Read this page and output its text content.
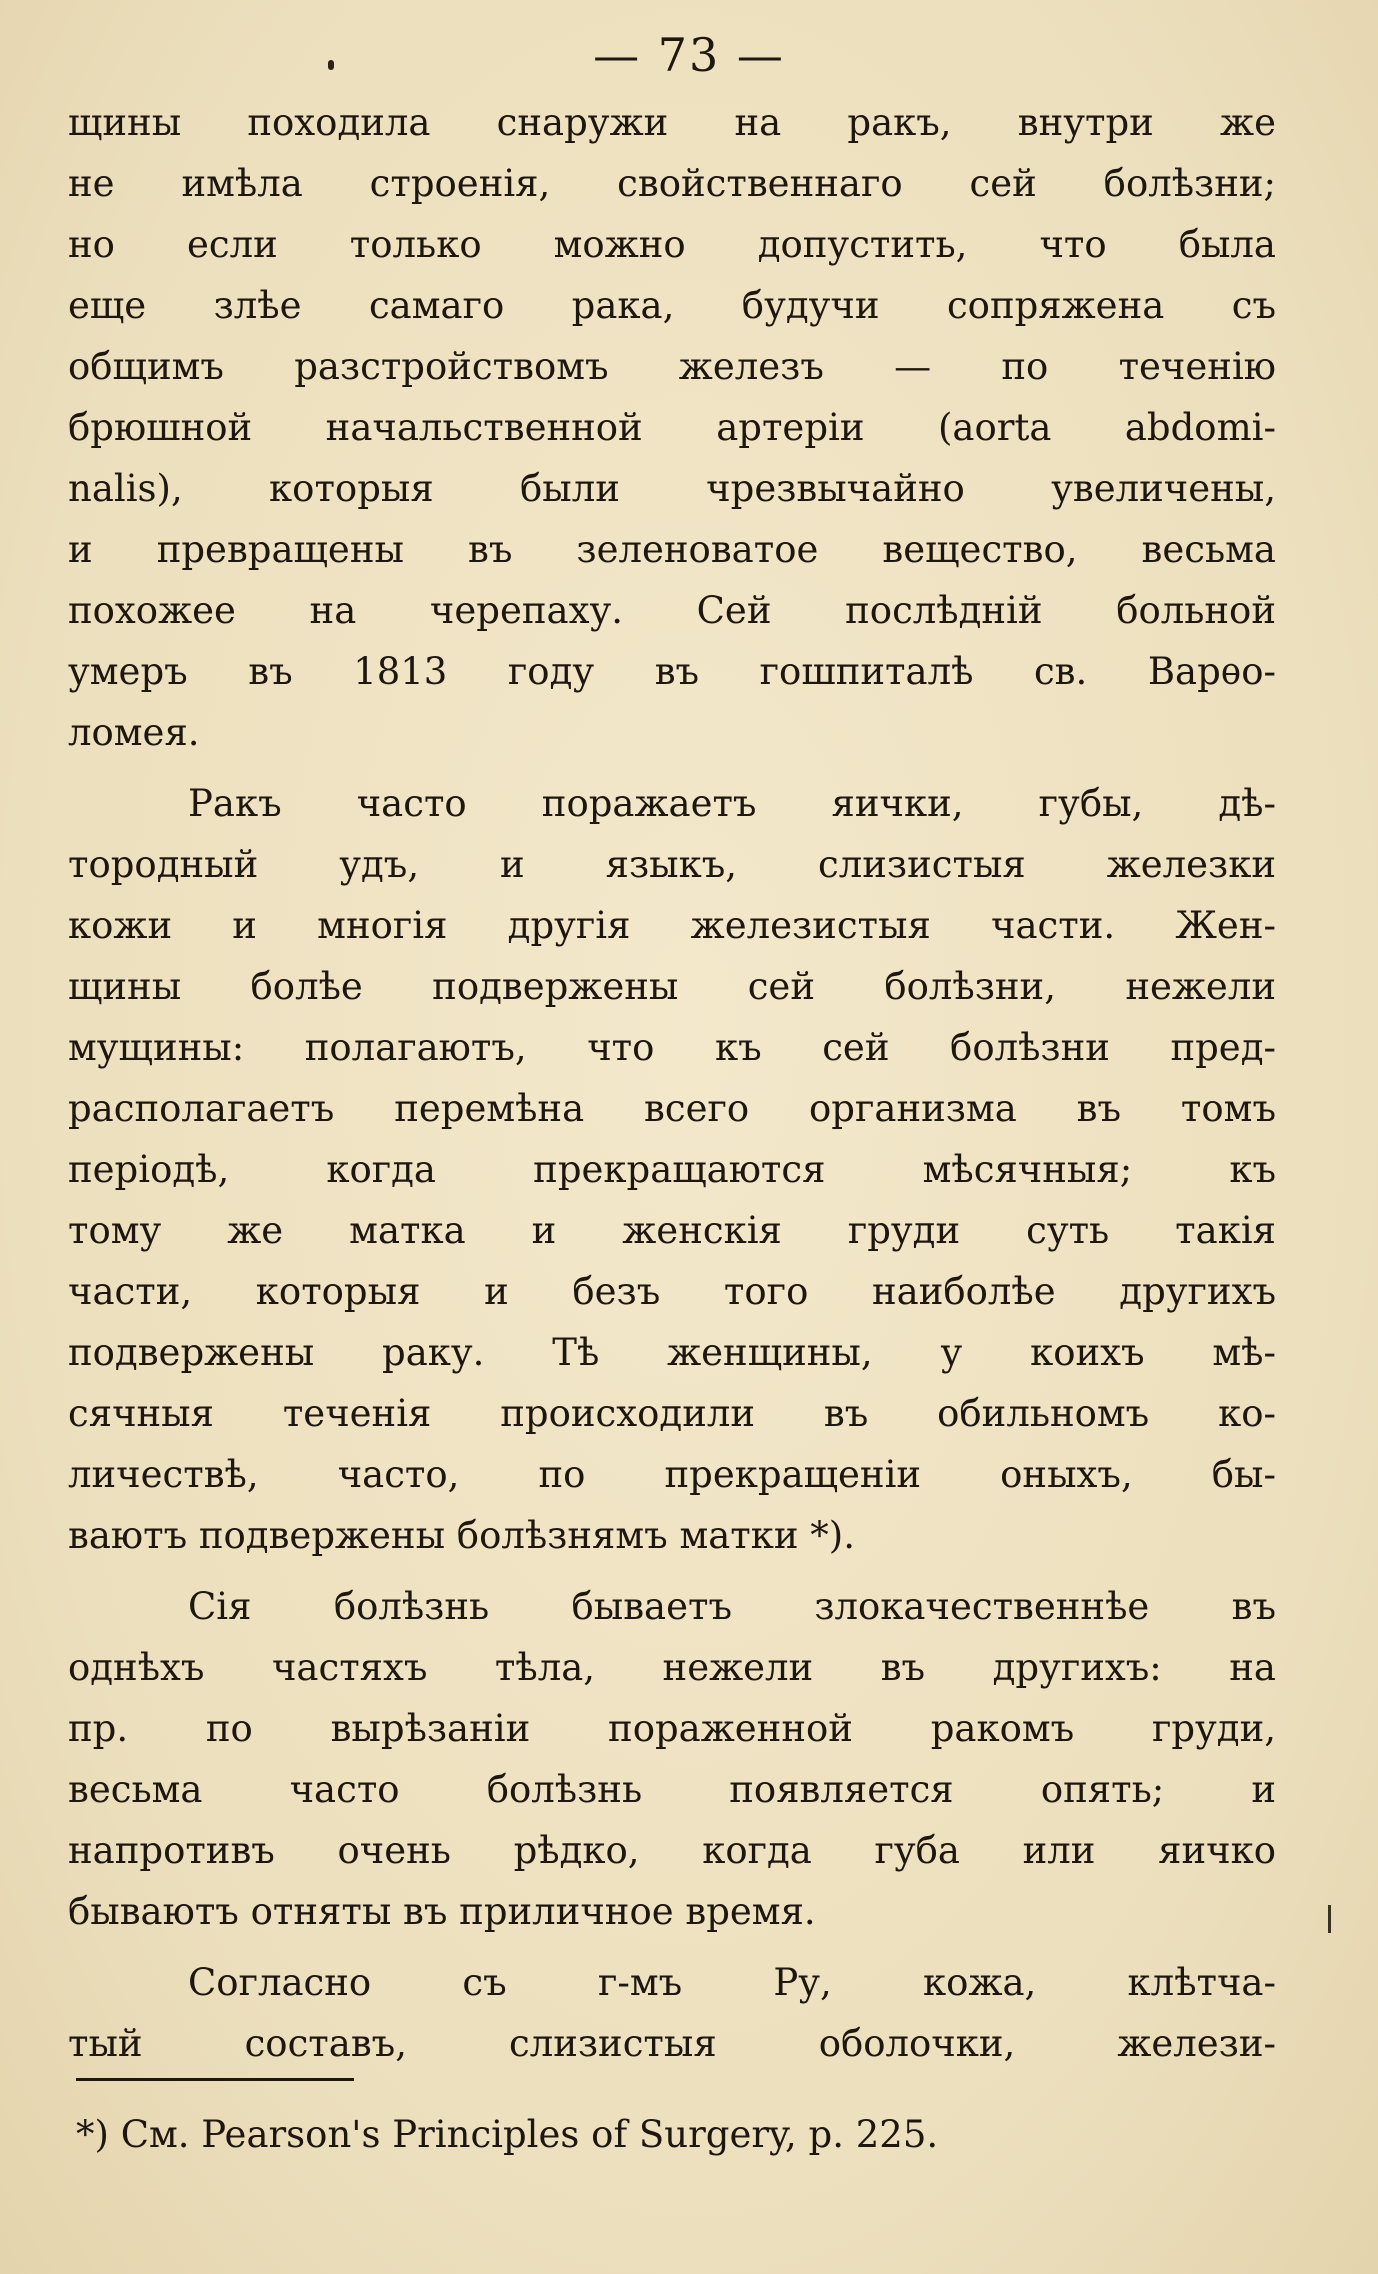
— 73 —
щины походила снаружи на ракъ, внутри же
не имѣла строенія, свойственнаго сей болѣзни;
но если только можно допустить, что была
еще злѣе самаго рака, будучи сопряжена съ
общимъ разстройствомъ железъ — по теченію
брюшной начальственной артеріи (aorta abdomi-
nalis), которыя были чрезвычайно увеличены,
и превращены въ зеленоватое вещество, весьма
похожее на черепаху. Сей послѣдній больной
умеръ въ 1813 году въ гошпиталѣ св. Варѳо-
ломея.
Ракъ часто поражаетъ яички, губы, дѣ-
тородный удъ, и языкъ, слизистыя железки
кожи и многія другія железистыя части. Жен-
щины болѣе подвержены сей болѣзни, нежели
мущины: полагаютъ, что къ сей болѣзни пред-
располагаетъ перемѣна всего организма въ томъ
періодѣ, когда прекращаются мѣсячныя; къ
тому же матка и женскія груди суть такія
части, которыя и безъ того наиболѣе другихъ
подвержены раку. Тѣ женщины, у коихъ мѣ-
сячныя теченія происходили въ обильномъ ко-
личествѣ, часто, по прекращеніи оныхъ, бы-
ваютъ подвержены болѣзнямъ матки *).
Сія болѣзнь бываетъ злокачественнѣе въ
однѣхъ частяхъ тѣла, нежели въ другихъ: на
пр. по вырѣзаніи пораженной ракомъ груди,
весьма часто болѣзнь появляется опять; и
напротивъ очень рѣдко, когда губа или яичко
бываютъ отняты въ приличное время.
Согласно съ г-мъ Ру, кожа, клѣтча-
тый составъ, слизистыя оболочки, желези-
*) См. Pearson's Principles of Surgery, p. 225.
